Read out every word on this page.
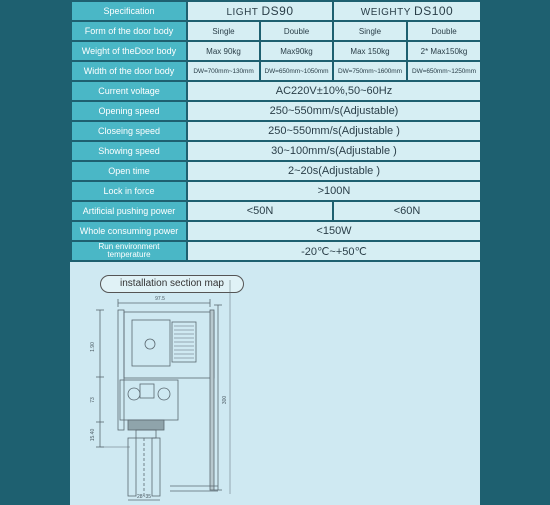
Specification	LIGHT DS90		WEIGHTY DS100	
Form of the door body	Single	Double	Single	Double
Weight of theDoor body	Max 90kg	Max90kg	Max 150kg	2* Max150kg
Width of the door body	DW=700mm~130mm	DW=650mm~1050mm	DW=750mm~1600mm	DW=650mm~1250mm
Current voltage	AC220V±10%,50~60Hz			
Opening speed	250~550mm/s(Adjustable)			
Closeing speed	250~550mm/s(Adjustable )			
Showing speed	30~100mm/s(Adjustable )			
Open time	2~20s(Adjustable )			
Lock in force	>100N			
Artificial pushing power	<50N		<60N	
Whole consuming power	<150W			
Run environment
temperature	-20℃~+50℃			
installation section map
97.5
300
1.90
73
15.40
28~35
